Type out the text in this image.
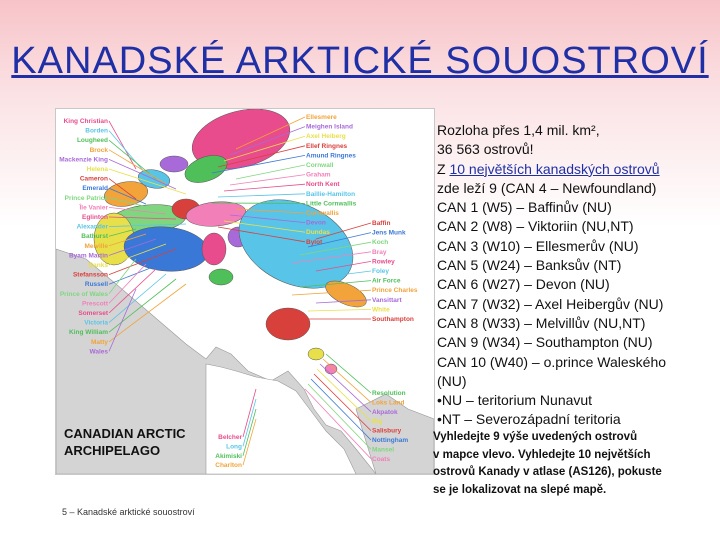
KANADSKÉ ARKTICKÉ SOUOSTROVÍ
King Christian
Borden
Lougheed
Brock
Mackenzie King
Helena
Cameron
Emerald
Prince Patrick
Île Vanier
Eglinton
Alexander
Bathurst
Melville
Byam Martin
Banks
Stefansson
Russell
Prince of Wales
Prescott
Somerset
Victoria
King William
Matty
Wales
Ellesmere
Meighen Island
Axel Heiberg
Ellef Ringnes
Amund Ringnes
Cornwall
Graham
North Kent
Baillie-Hamilton
Little Cornwallis
Cornwallis
Devon
Dundas
Bylot
Baffin
Jens Munk
Koch
Bray
Rowley
Foley
Air Force
Prince Charles
Vansittart
White
Southampton
Resolution
Loks Land
Akpatok
Big
Salisbury
Nottingham
Mansel
Coats
Belcher
Long
Akimiski
Charlton
CANADIAN ARCTIC
ARCHIPELAGO
Rozloha přes 1,4 mil. km²,
36 563 ostrovů!
Z 10 největších kanadských ostrovů
zde leží 9 (CAN 4 – Newfoundland)
CAN 1 (W5) – Baffinův (NU)
CAN 2 (W8) – Viktoriin (NU,NT)
CAN 3 (W10) – Ellesmerův (NU)
CAN 5 (W24) – Banksův (NT)
CAN 6 (W27) – Devon (NU)
CAN 7 (W32) – Axel Heibergův (NU)
CAN 8 (W33) – Melvillův (NU,NT)
CAN 9 (W34) – Southampton (NU)
CAN 10 (W40) – o.prince Waleského
(NU)
•NU – teritorium Nunavut
•NT – Severozápadní teritoria
Vyhledejte 9 výše uvedených ostrovů
v mapce vlevo. Vyhledejte 10 největších
ostrovů Kanady v atlase (AS126), pokuste
se je lokalizovat na slepé mapě.
5 – Kanadské arktické souostroví
